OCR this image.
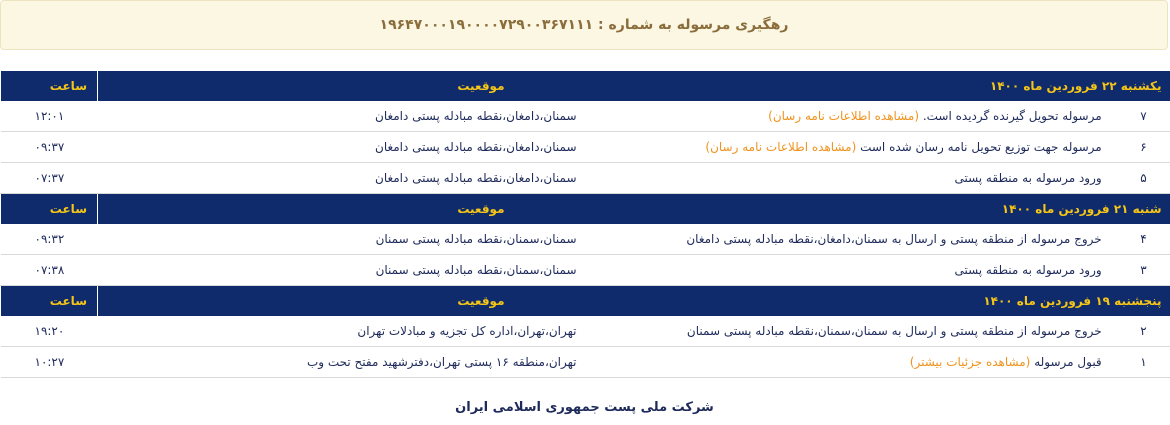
رهگیری مرسوله به شماره : ۱۹۶۴۷۰۰۰۱۹۰۰۰۰۷۲۹۰۰۳۶۷۱۱۱
یکشنبه ۲۲ فروردین ماه ۱۴۰۰	موقعیت	ساعت
۷ مرسوله تحویل گیرنده گردیده است. (مشاهده اطلاعات نامه رسان)	سمنان،دامغان،نقطه مبادله پستی دامغان	۱۲:۰۱
۶ مرسوله جهت توزیع تحویل نامه رسان شده است (مشاهده اطلاعات نامه رسان)	سمنان،دامغان،نقطه مبادله پستی دامغان	۰۹:۳۷
۵ ورود مرسوله به منطقه پستی	سمنان،دامغان،نقطه مبادله پستی دامغان	۰۷:۳۷
شنبه ۲۱ فروردین ماه ۱۴۰۰	موقعیت	ساعت
۴ خروج مرسوله از منطقه پستی و ارسال به سمنان،دامغان،نقطه مبادله پستی دامغان	سمنان،سمنان،نقطه مبادله پستی سمنان	۰۹:۳۲
۳ ورود مرسوله به منطقه پستی	سمنان،سمنان،نقطه مبادله پستی سمنان	۰۷:۳۸
پنجشنبه ۱۹ فروردین ماه ۱۴۰۰	موقعیت	ساعت
۲ خروج مرسوله از منطقه پستی و ارسال به سمنان،سمنان،نقطه مبادله پستی سمنان	تهران،تهران،اداره کل تجزیه و مبادلات تهران	۱۹:۲۰
۱ قبول مرسوله (مشاهده جزئیات بیشتر)	تهران،منطقه ۱۶ پستی تهران،دفترشهید مفتح تحت وب	۱۰:۲۷
شرکت ملی پست جمهوری اسلامی ایران
